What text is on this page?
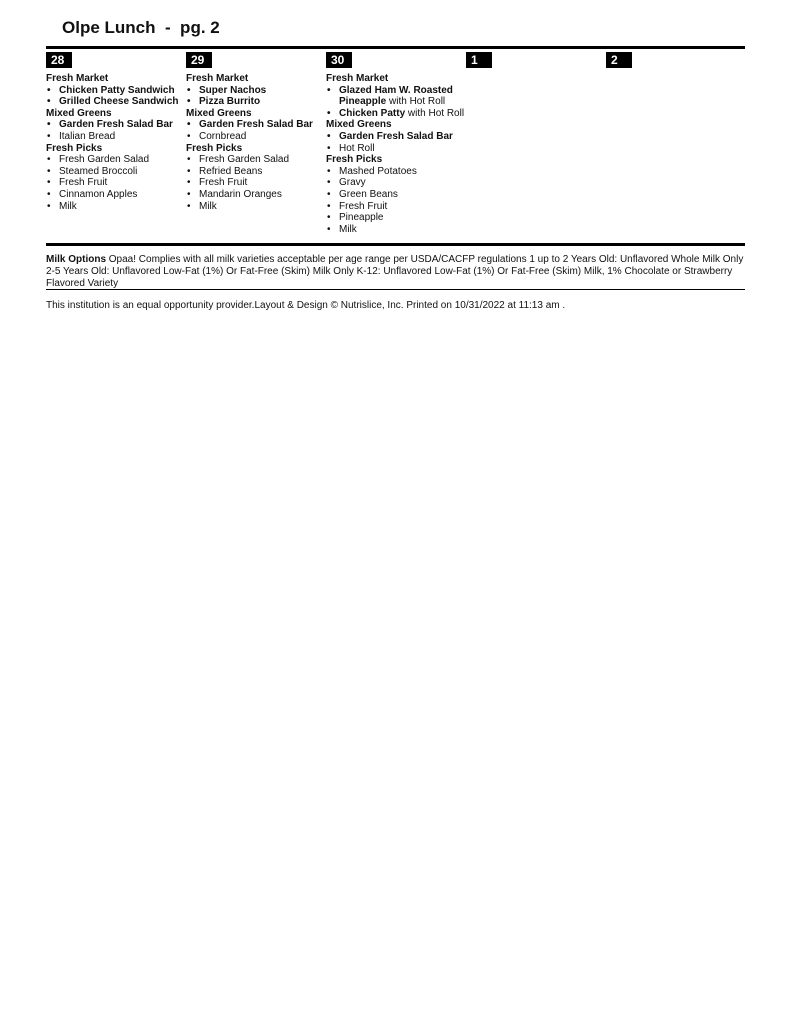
Olpe Lunch  -  pg. 2
28
Fresh Market
• Chicken Patty Sandwich
• Grilled Cheese Sandwich
Mixed Greens
• Garden Fresh Salad Bar
• Italian Bread
Fresh Picks
• Fresh Garden Salad
• Steamed Broccoli
• Fresh Fruit
• Cinnamon Apples
• Milk
29
Fresh Market
• Super Nachos
• Pizza Burrito
Mixed Greens
• Garden Fresh Salad Bar
• Cornbread
Fresh Picks
• Fresh Garden Salad
• Refried Beans
• Fresh Fruit
• Mandarin Oranges
• Milk
30
Fresh Market
• Glazed Ham W. Roasted Pineapple with Hot Roll
• Chicken Patty with Hot Roll
Mixed Greens
• Garden Fresh Salad Bar
• Hot Roll
Fresh Picks
• Mashed Potatoes
• Gravy
• Green Beans
• Fresh Fruit
• Pineapple
• Milk
1	2
Milk Options Opaa! Complies with all milk varieties acceptable per age range per USDA/CACFP regulations 1 up to 2 Years Old: Unflavored Whole Milk Only 2-5 Years Old: Unflavored Low-Fat (1%) Or Fat-Free (Skim) Milk Only K-12: Unflavored Low-Fat (1%) Or Fat-Free (Skim) Milk, 1% Chocolate or Strawberry Flavored Variety
This institution is an equal opportunity provider.Layout & Design © Nutrislice, Inc. Printed on 10/31/2022 at 11:13 am .
